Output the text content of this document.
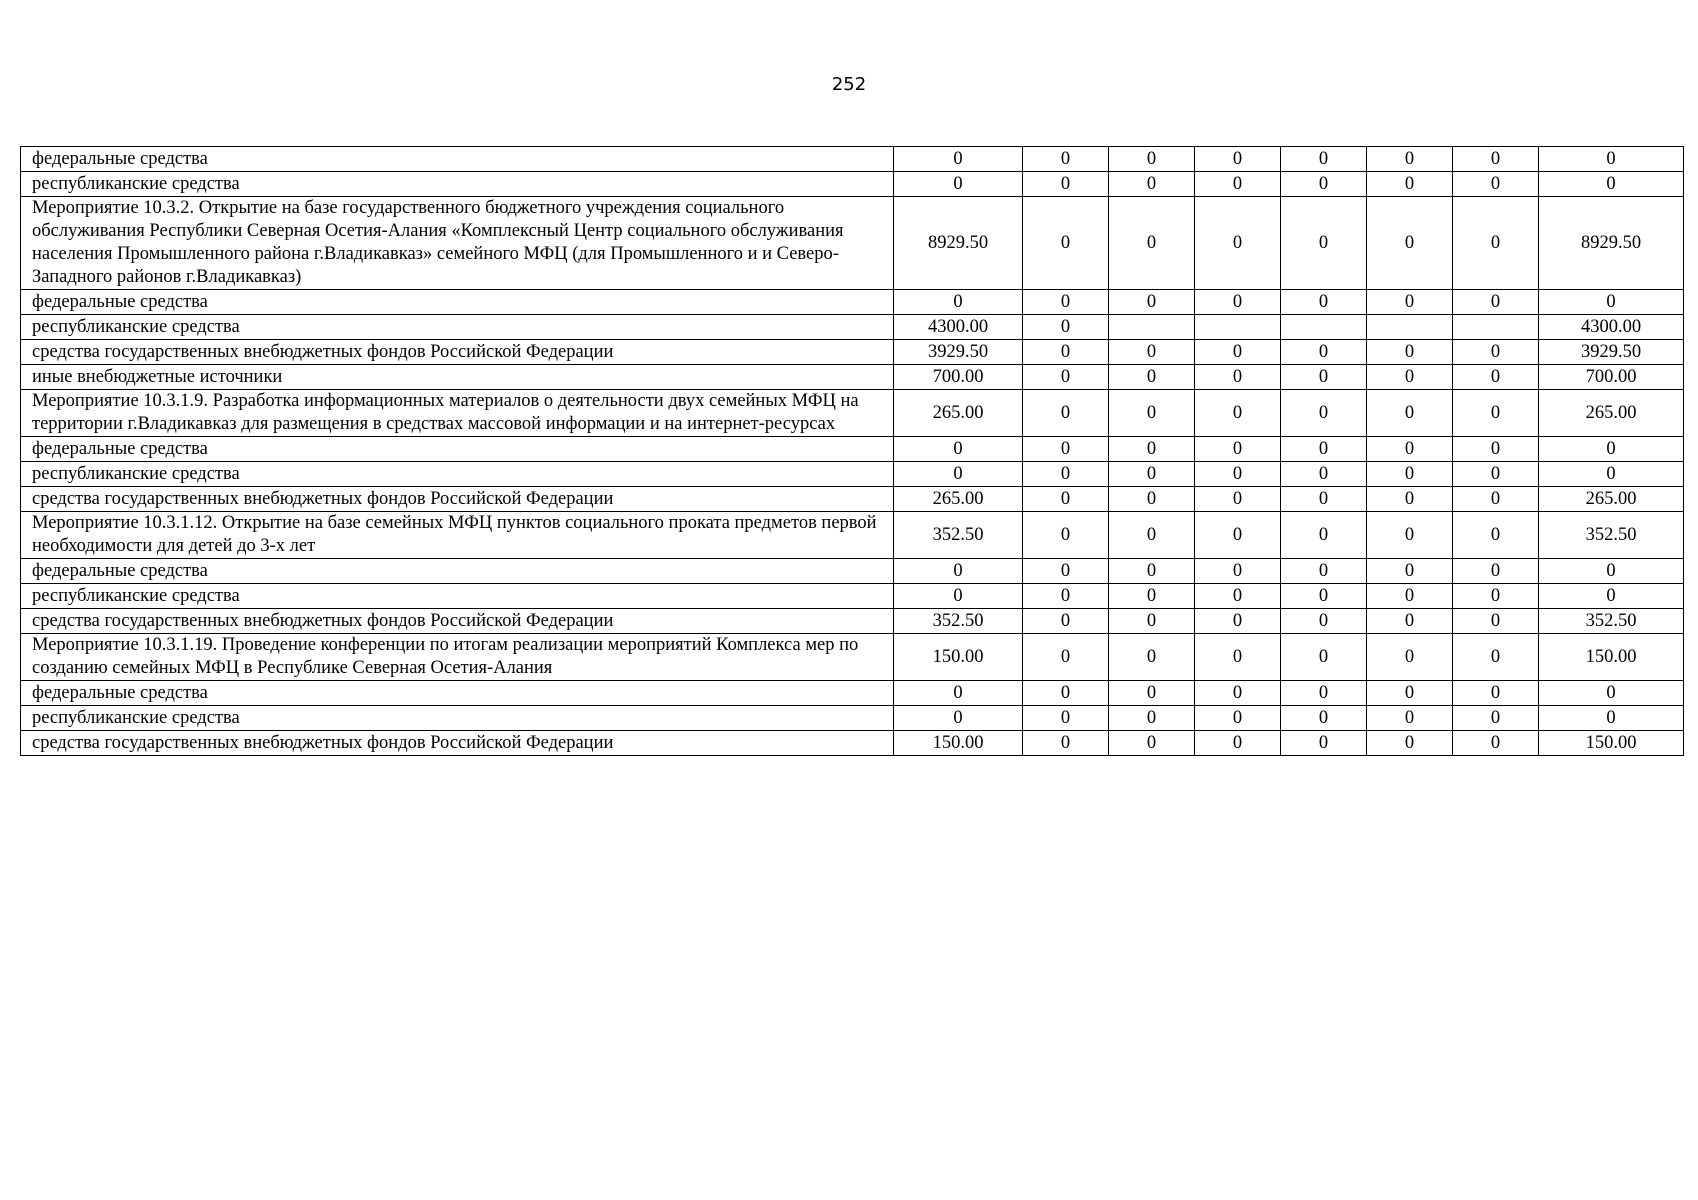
252
федеральные средства	0	0	0	0	0	0	0	0
республиканские средства	0	0	0	0	0	0	0	0
Мероприятие 10.3.2. Открытие на базе государственного бюджетного учреждения социального обслуживания Республики Северная Осетия-Алания «Комплексный Центр социального обслуживания населения Промышленного района г.Владикавказ» семейного МФЦ (для Промышленного и и Северо-Западного районов г.Владикавказ)	8929.50	0	0	0	0	0	0	8929.50
федеральные средства	0	0	0	0	0	0	0	0
республиканские средства	4300.00	0						4300.00
средства государственных внебюджетных фондов Российской Федерации	3929.50	0	0	0	0	0	0	3929.50
иные внебюджетные источники	700.00	0	0	0	0	0	0	700.00
Мероприятие 10.3.1.9. Разработка информационных материалов о деятельности двух семейных МФЦ на территории г.Владикавказ для размещения в средствах массовой информации и на интернет-ресурсах	265.00	0	0	0	0	0	0	265.00
федеральные средства	0	0	0	0	0	0	0	0
республиканские средства	0	0	0	0	0	0	0	0
средства государственных внебюджетных фондов Российской Федерации	265.00	0	0	0	0	0	0	265.00
Мероприятие 10.3.1.12. Открытие на базе семейных МФЦ пунктов социального проката предметов первой необходимости для детей до 3-х лет	352.50	0	0	0	0	0	0	352.50
федеральные средства	0	0	0	0	0	0	0	0
республиканские средства	0	0	0	0	0	0	0	0
средства государственных внебюджетных фондов Российской Федерации	352.50	0	0	0	0	0	0	352.50
Мероприятие 10.3.1.19. Проведение конференции по итогам реализации мероприятий Комплекса мер по созданию семейных МФЦ в Республике Северная Осетия-Алания	150.00	0	0	0	0	0	0	150.00
федеральные средства	0	0	0	0	0	0	0	0
республиканские средства	0	0	0	0	0	0	0	0
средства государственных внебюджетных фондов Российской Федерации	150.00	0	0	0	0	0	0	150.00
